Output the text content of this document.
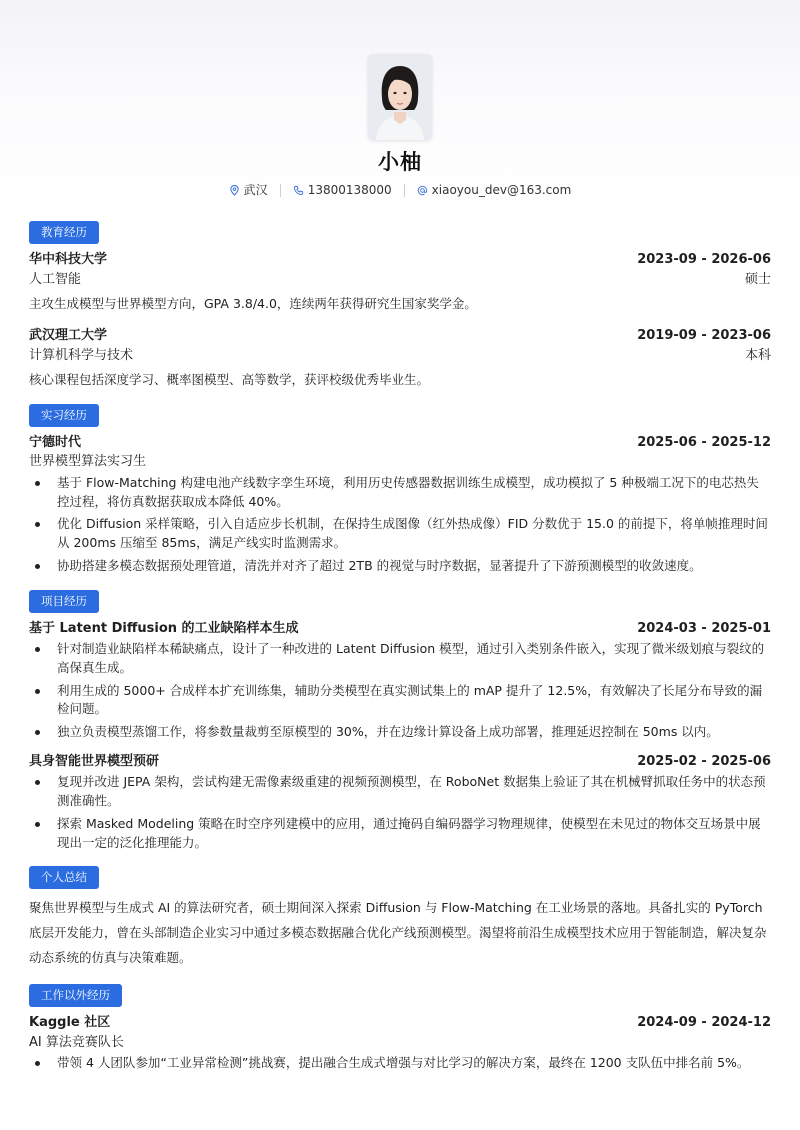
小柚
武汉	13800138000	xiaoyou_dev@163.com
教育经历
华中科技大学	2023-09 - 2026-06
人工智能	硕士
主攻生成模型与世界模型方向，GPA 3.8/4.0，连续两年获得研究生国家奖学金。
武汉理工大学	2019-09 - 2023-06
计算机科学与技术	本科
核心课程包括深度学习、概率图模型、高等数学，获评校级优秀毕业生。
实习经历
宁德时代	2025-06 - 2025-12
世界模型算法实习生
基于 Flow-Matching 构建电池产线数字孪生环境，利用历史传感器数据训练生成模型，成功模拟了 5 种极端工况下的电芯热失控过程，将仿真数据获取成本降低 40%。
优化 Diffusion 采样策略，引入自适应步长机制，在保持生成图像（红外热成像）FID 分数优于 15.0 的前提下，将单帧推理时间从 200ms 压缩至 85ms，满足产线实时监测需求。
协助搭建多模态数据预处理管道，清洗并对齐了超过 2TB 的视觉与时序数据，显著提升了下游预测模型的收敛速度。
项目经历
基于 Latent Diffusion 的工业缺陷样本生成	2024-03 - 2025-01
针对制造业缺陷样本稀缺痛点，设计了一种改进的 Latent Diffusion 模型，通过引入类别条件嵌入，实现了微米级划痕与裂纹的高保真生成。
利用生成的 5000+ 合成样本扩充训练集，辅助分类模型在真实测试集上的 mAP 提升了 12.5%，有效解决了长尾分布导致的漏检问题。
独立负责模型蒸馏工作，将参数量裁剪至原模型的 30%，并在边缘计算设备上成功部署，推理延迟控制在 50ms 以内。
具身智能世界模型预研	2025-02 - 2025-06
复现并改进 JEPA 架构，尝试构建无需像素级重建的视频预测模型，在 RoboNet 数据集上验证了其在机械臂抓取任务中的状态预测准确性。
探索 Masked Modeling 策略在时空序列建模中的应用，通过掩码自编码器学习物理规律，使模型在未见过的物体交互场景中展现出一定的泛化推理能力。
个人总结
聚焦世界模型与生成式 AI 的算法研究者，硕士期间深入探索 Diffusion 与 Flow-Matching 在工业场景的落地。具备扎实的 PyTorch 底层开发能力，曾在头部制造企业实习中通过多模态数据融合优化产线预测模型。渴望将前沿生成模型技术应用于智能制造，解决复杂动态系统的仿真与决策难题。
工作以外经历
Kaggle 社区	2024-09 - 2024-12
AI 算法竞赛队长
带领 4 人团队参加“工业异常检测”挑战赛，提出融合生成式增强与对比学习的解决方案，最终在 1200 支队伍中排名前 5%。
